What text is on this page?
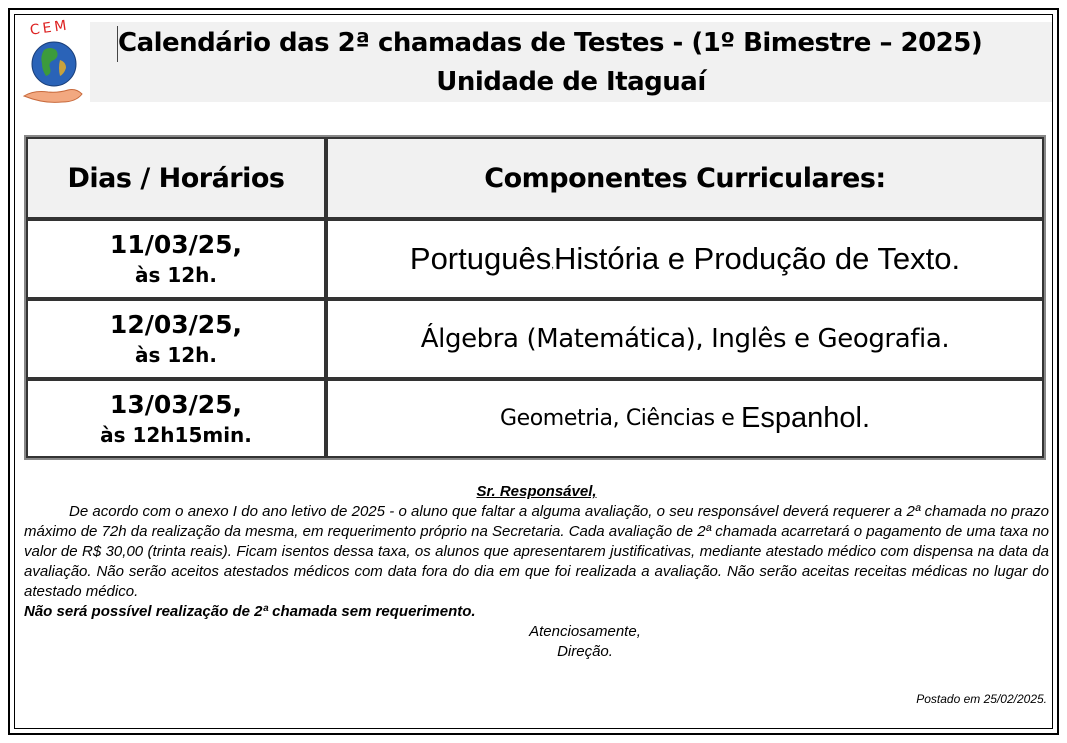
CEM Calendário das 2ª chamadas de Testes - (1º Bimestre – 2025)
Unidade de Itaguaí
Dias / Horários	Componentes Curriculares:
11/03/25,
às 12h.	Português , História e Produção de Texto.
12/03/25,
às 12h.
Álgebra (Matemática), Inglês e Geografia.
13/03/25,
às 12h15min.
Geometria, Ciências e Espanhol.
Sr. Responsável,

De acordo com o anexo I do ano letivo de 2025 - o aluno que faltar a alguma avaliação, o seu responsável deverá requerer a 2ª chamada no prazo máximo de 72h da realização da mesma, em requerimento próprio na Secretaria. Cada avaliação de 2ª chamada acarretará o pagamento de uma taxa no valor de R$ 30,00 (trinta reais). Ficam isentos dessa taxa, os alunos que apresentarem justificativas, mediante atestado médico com dispensa na data da avaliação. Não serão aceitos atestados médicos com data fora do dia em que foi realizada a avaliação. Não serão aceitas receitas médicas no lugar do atestado médico.

Não será possível realização de 2ª chamada sem requerimento.
Atenciosamente,
Direção.
Postado em 25/02/2025.
